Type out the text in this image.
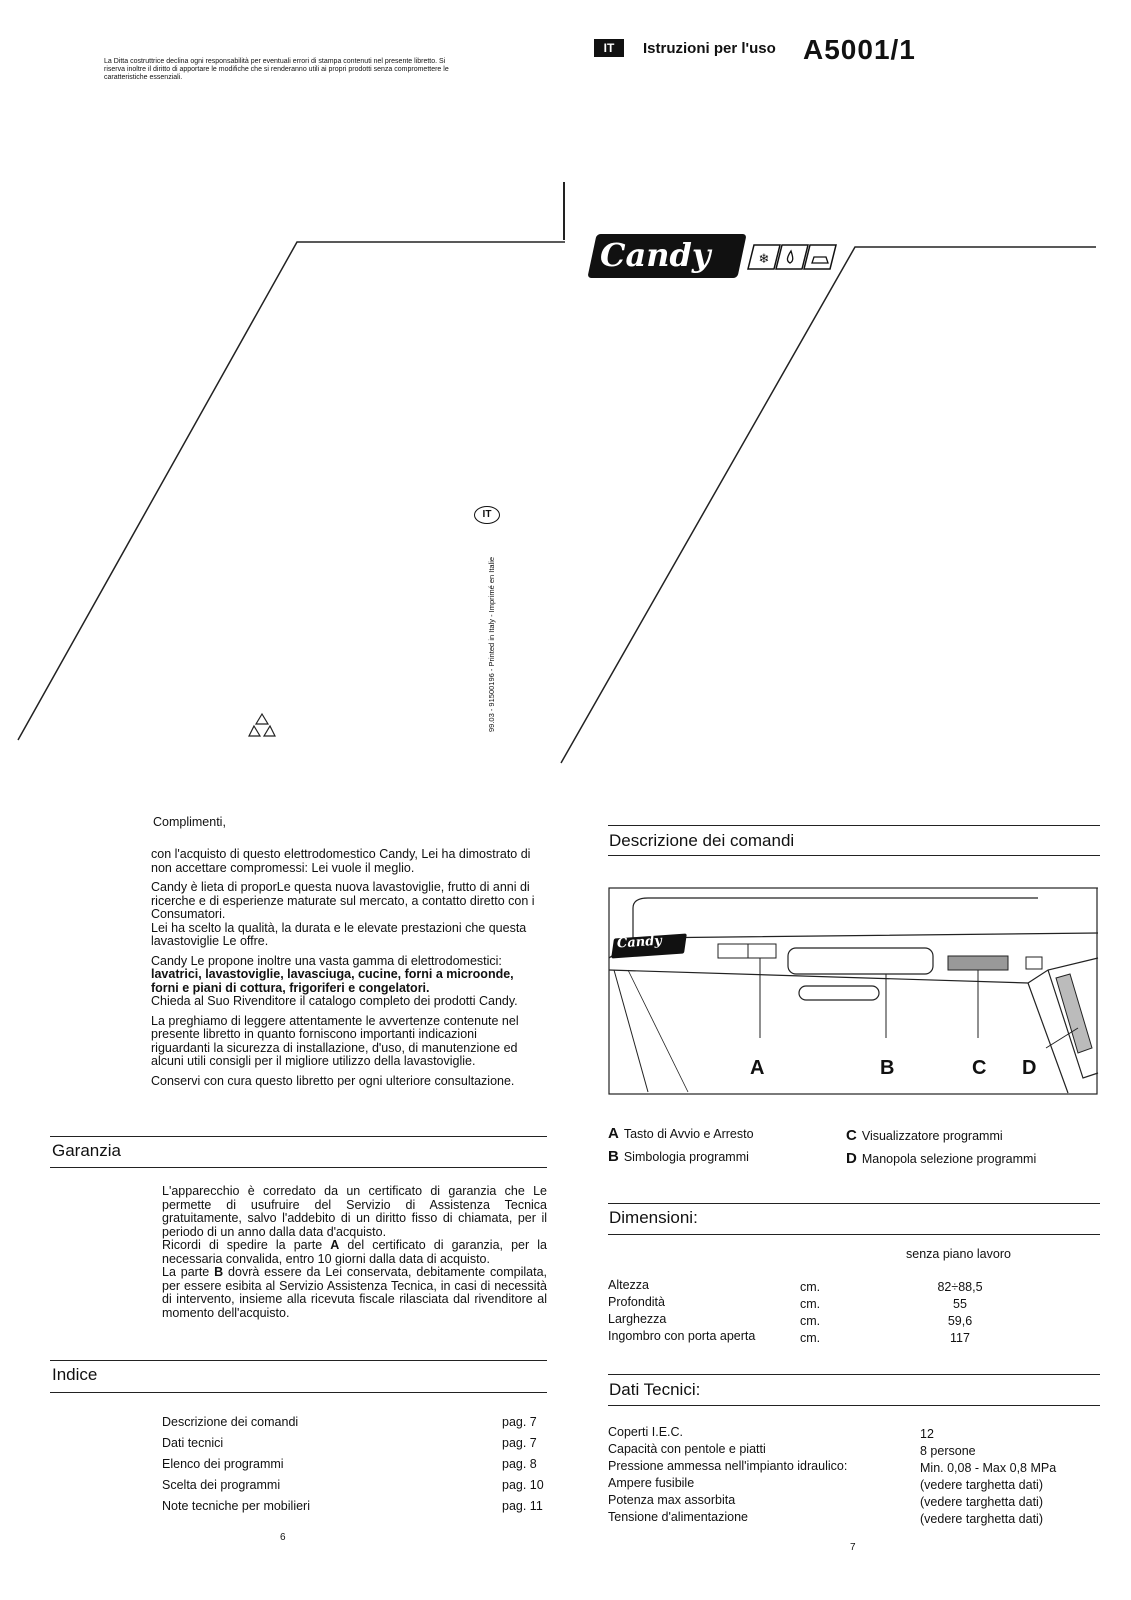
La Ditta costruttrice declina ogni responsabilità per eventuali errori di stampa contenuti nel presente libretto. Si riserva inoltre il diritto di apportare le modifiche che si renderanno utili ai propri prodotti senza compromettere le caratteristiche essenziali.
IT	Istruzioni per l'uso A5001/1
Candy	❄
IT
99.03 - 91500196 - Printed in Italy - Imprimé en Italie
Complimenti,

con l'acquisto di questo elettrodomestico Candy, Lei ha dimostrato di non accettare compromessi: Lei vuole il meglio.

Candy è lieta di proporLe questa nuova lavastoviglie, frutto di anni di ricerche e di esperienze maturate sul mercato, a contatto diretto con i Consumatori.

Lei ha scelto la qualità, la durata e le elevate prestazioni che questa lavastoviglie Le offre.

Candy Le propone inoltre una vasta gamma di elettrodomestici:

lavatrici, lavastoviglie, lavasciuga, cucine, forni a microonde, forni e piani di cottura, frigoriferi e congelatori.

Chieda al Suo Rivenditore il catalogo completo dei prodotti Candy.

La preghiamo di leggere attentamente le avvertenze contenute nel presente libretto in quanto forniscono importanti indicazioni riguardanti la sicurezza di installazione, d'uso, di manutenzione ed alcuni utili consigli per il migliore utilizzo della lavastoviglie.

Conservi con cura questo libretto per ogni ulteriore consultazione.

Garanzia

L'apparecchio è corredato da un certificato di garanzia che Le permette di usufruire del Servizio di Assistenza Tecnica gratuitamente, salvo l'addebito di un diritto fisso di chiamata, per il periodo di un anno dalla data d'acquisto.

Ricordi di spedire la parte A del certificato di garanzia, per la necessaria convalida, entro 10 giorni dalla data di acquisto.

La parte B dovrà essere da Lei conservata, debitamente compilata, per essere esibita al Servizio Assistenza Tecnica, in casi di necessità di intervento, insieme alla ricevuta fiscale rilasciata dal rivenditore al momento dell'acquisto.

Indice
Descrizione dei comandi	pag. 7
Dati tecnici	pag. 7
Elenco dei programmi	pag. 8
Scelta dei programmi	pag. 10
Note tecniche per mobilieri	pag. 11
6
Descrizione dei comandi
Candy
A	B	C D
A Tasto di Avvio e Arresto
B Simbologia programmi
C Visualizzatore programmi
D Manopola selezione programmi
Dimensioni:
senza piano lavoro
Altezza	cm.	82÷88,5
Profondità	cm.	55
Larghezza	cm.	59,6
Ingombro con porta aperta	cm.	117
Dati Tecnici:
Coperti I.E.C.	12
Capacità con pentole e piatti	8 persone
Pressione ammessa nell'impianto idraulico:	Min. 0,08 - Max 0,8 MPa
Ampere fusibile	(vedere targhetta dati)
Potenza max assorbita	(vedere targhetta dati)
Tensione d'alimentazione	(vedere targhetta dati)
7
